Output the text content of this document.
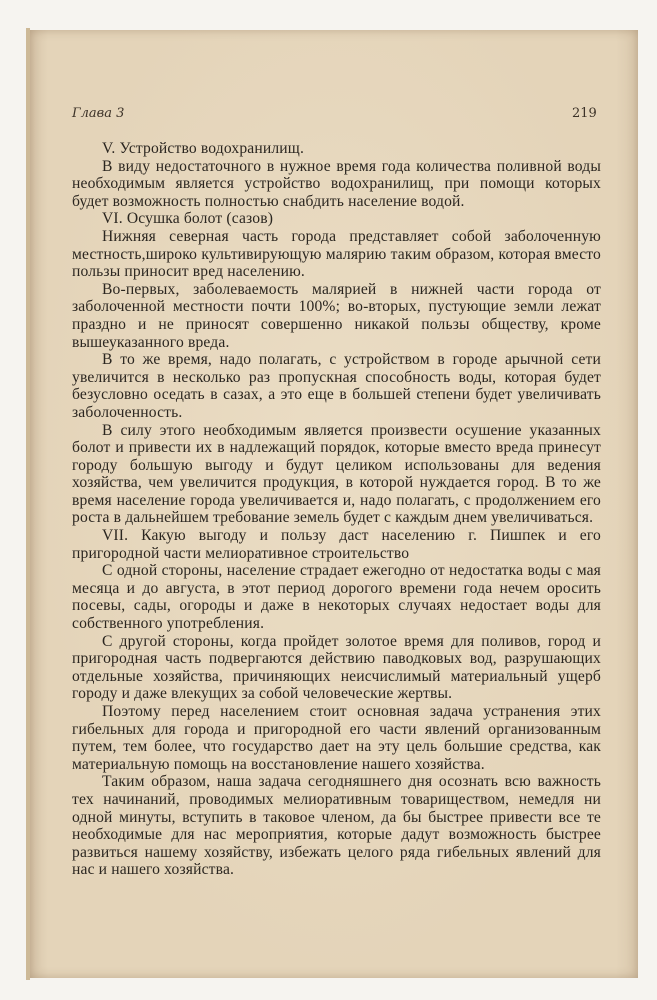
Глава 3	219

V. Устройство водохранилищ.

В виду недостаточного в нужное время года количества поливной воды необходимым является устройство водохранилищ, при помощи которых будет возможность полностью снабдить население водой.

VI. Осушка болот (сазов)

Нижняя северная часть города представляет собой заболоченную местность,широко культивирующую малярию таким образом, которая вместо пользы приносит вред населению.

Во-первых, заболеваемость малярией в нижней части города от заболоченной местности почти 100%; во-вторых, пустующие земли лежат праздно и не приносят совершенно никакой пользы обществу, кроме вышеуказанного вреда.

В то же время, надо полагать, с устройством в городе арычной сети увеличится в несколько раз пропускная способность воды, которая будет безусловно оседать в сазах, а это еще в большей степени будет увеличивать заболоченность.

В силу этого необходимым является произвести осушение указанных болот и привести их в надлежащий порядок, которые вместо вреда принесут городу большую выгоду и будут целиком использованы для ведения хозяйства, чем увеличится продукция, в которой нуждается город. В то же время население города увеличивается и, надо полагать, с продолжением его роста в дальнейшем требование земель будет с каждым днем увеличиваться.

VII. Какую выгоду и пользу даст населению г. Пишпек и его пригородной части мелиоративное строительство

С одной стороны, население страдает ежегодно от недостатка воды с мая месяца и до августа, в этот период дорогого времени года нечем оросить посевы, сады, огороды и даже в некоторых случаях недостает воды для собственного употребления.

С другой стороны, когда пройдет золотое время для поливов, город и пригородная часть подвергаются действию паводковых вод, разрушающих отдельные хозяйства, причиняющих неисчислимый материальный ущерб городу и даже влекущих за собой человеческие жертвы.

Поэтому перед населением стоит основная задача устранения этих гибельных для города и пригородной его части явлений организованным путем, тем более, что государство дает на эту цель большие средства, как материальную помощь на восстановление нашего хозяйства.

Таким образом, наша задача сегодняшнего дня осознать всю важность тех начинаний, проводимых мелиоративным товариществом, немедля ни одной минуты, вступить в таковое членом, да бы быстрее привести все те необходимые для нас мероприятия, которые дадут возможность быстрее развиться нашему хозяйству, избежать целого ряда гибельных явлений для нас и нашего хозяйства.
